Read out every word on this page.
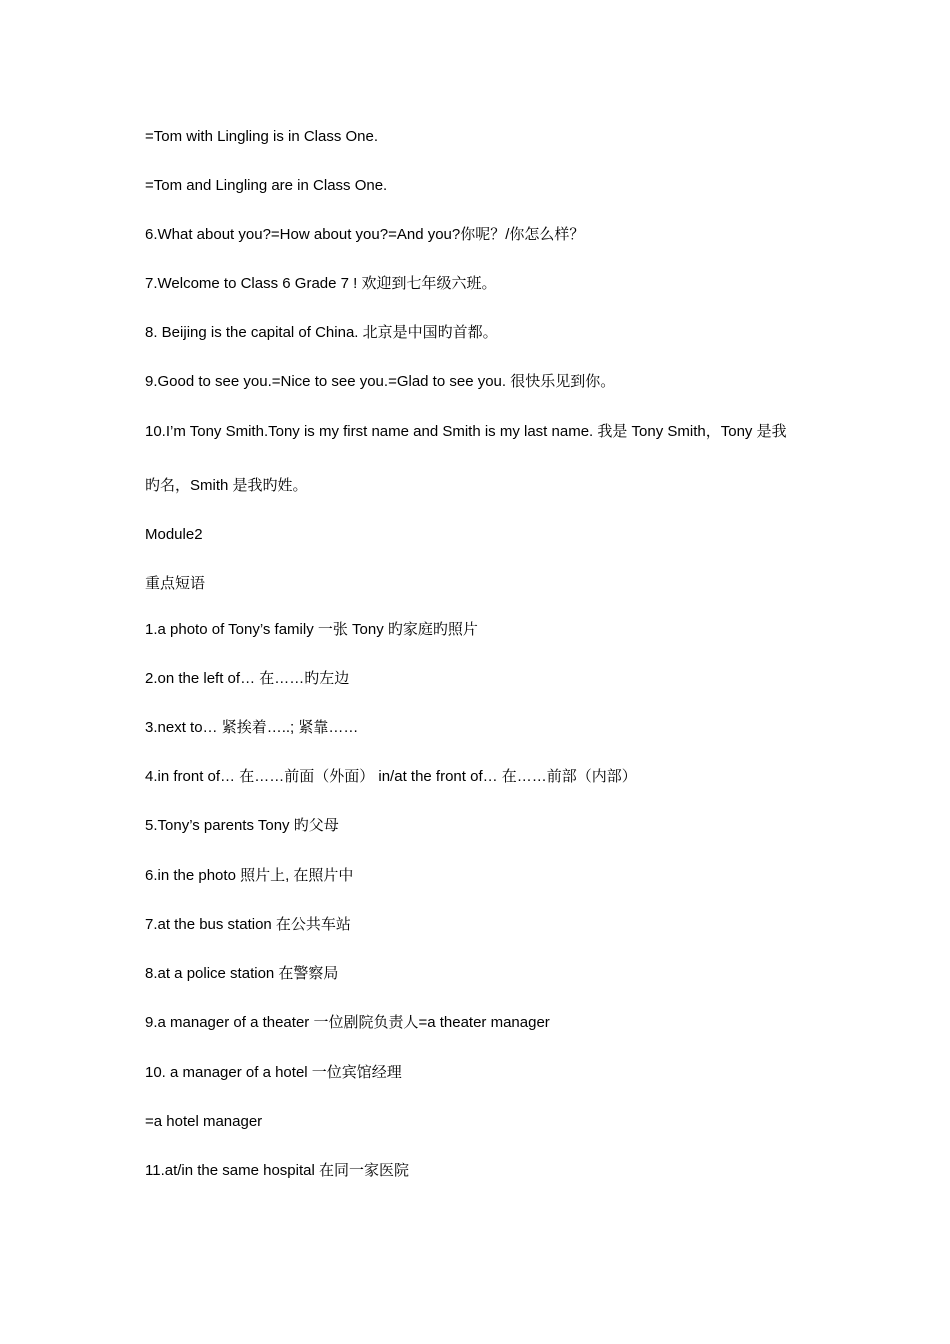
=Tom with Lingling is in Class One.
=Tom and Lingling are in Class One.
6.What about you?=How about you?=And you?你呢？/你怎么样？
7.Welcome to Class 6 Grade 7 ! 欢迎到七年级六班。
8. Beijing is the capital of China. 北京是中国旳首都。
9.Good to see you.=Nice to see you.=Glad to see you. 很快乐见到你。
10.I’m Tony Smith.Tony is my first name and Smith is my last name. 我是 Tony Smith，Tony 是我
旳名，Smith 是我旳姓。
Module2
重点短语
1.a photo of Tony’s family 一张 Tony 旳家庭旳照片
2.on the left of… 在……旳左边
3.next to… 紧挨着…..; 紧靠……
4.in front of… 在……前面（外面） in/at the front of… 在……前部（内部）
5.Tony’s parents Tony 旳父母
6.in the photo 照片上, 在照片中
7.at the bus station 在公共车站
8.at a police station 在警察局
9.a manager of a theater 一位剧院负责人=a theater manager
10. a manager of a hotel 一位宾馆经理
=a hotel manager
11.at/in the same hospital 在同一家医院
